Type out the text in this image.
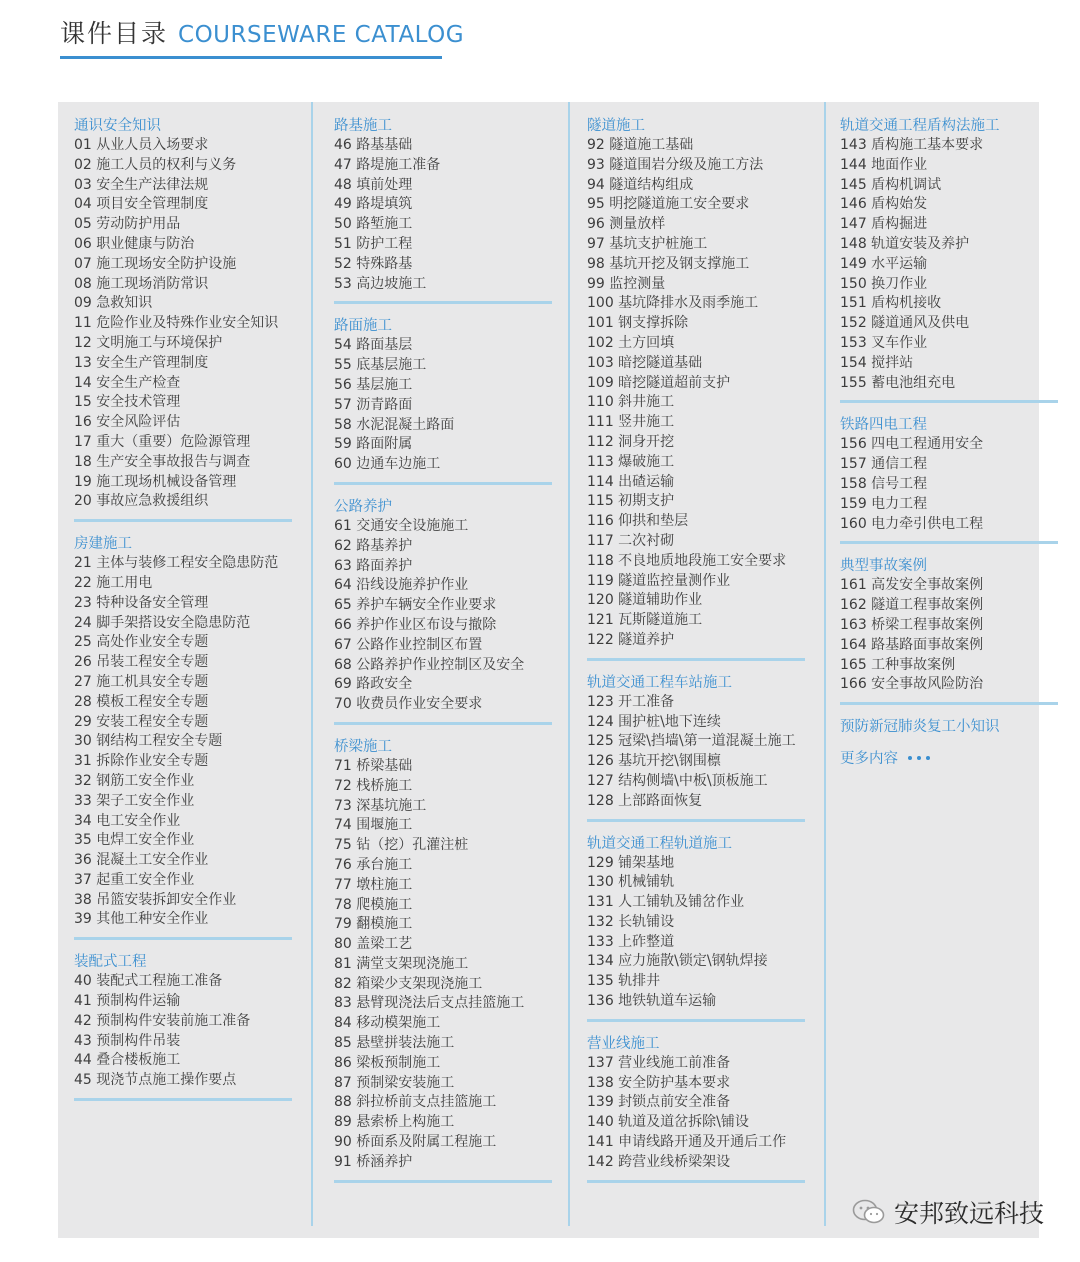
课件目录 COURSEWARE CATALOG
通识安全知识
01 从业人员入场要求
02 施工人员的权利与义务
03 安全生产法律法规
04 项目安全管理制度
05 劳动防护用品
06 职业健康与防治
07 施工现场安全防护设施
08 施工现场消防常识
09 急救知识
11 危险作业及特殊作业安全知识
12 文明施工与环境保护
13 安全生产管理制度
14 安全生产检查
15 安全技术管理
16 安全风险评估
17 重大（重要）危险源管理
18 生产安全事故报告与调查
19 施工现场机械设备管理
20 事故应急救援组织
房建施工
21 主体与装修工程安全隐患防范
22 施工用电
23 特种设备安全管理
24 脚手架搭设安全隐患防范
25 高处作业安全专题
26 吊装工程安全专题
27 施工机具安全专题
28 模板工程安全专题
29 安装工程安全专题
30 钢结构工程安全专题
31 拆除作业安全专题
32 钢筋工安全作业
33 架子工安全作业
34 电工安全作业
35 电焊工安全作业
36 混凝土工安全作业
37 起重工安全作业
38 吊篮安装拆卸安全作业
39 其他工种安全作业
装配式工程
40 装配式工程施工准备
41 预制构件运输
42 预制构件安装前施工准备
43 预制构件吊装
44 叠合楼板施工
45 现浇节点施工操作要点
路基施工
46 路基基础
47 路堤施工准备
48 填前处理
49 路堤填筑
50 路堑施工
51 防护工程
52 特殊路基
53 高边坡施工
路面施工
54 路面基层
55 底基层施工
56 基层施工
57 沥青路面
58 水泥混凝土路面
59 路面附属
60 边通车边施工
公路养护
61 交通安全设施施工
62 路基养护
63 路面养护
64 沿线设施养护作业
65 养护车辆安全作业要求
66 养护作业区布设与撤除
67 公路作业控制区布置
68 公路养护作业控制区及安全
69 路政安全
70 收费员作业安全要求
桥梁施工
71 桥梁基础
72 栈桥施工
73 深基坑施工
74 围堰施工
75 钻（挖）孔灌注桩
76 承台施工
77 墩柱施工
78 爬模施工
79 翻模施工
80 盖梁工艺
81 满堂支架现浇施工
82 箱梁少支架现浇施工
83 悬臂现浇法后支点挂篮施工
84 移动模架施工
85 悬壁拼装法施工
86 梁板预制施工
87 预制梁安装施工
88 斜拉桥前支点挂篮施工
89 悬索桥上构施工
90 桥面系及附属工程施工
91 桥涵养护
隧道施工
92 隧道施工基础
93 隧道围岩分级及施工方法
94 隧道结构组成
95 明挖隧道施工安全要求
96 测量放样
97 基坑支护桩施工
98 基坑开挖及钢支撑施工
99 监控测量
100 基坑降排水及雨季施工
101 钢支撑拆除
102 土方回填
103 暗挖隧道基础
109 暗挖隧道超前支护
110 斜井施工
111 竖井施工
112 洞身开挖
113 爆破施工
114 出碴运输
115 初期支护
116 仰拱和垫层
117 二次衬砌
118 不良地质地段施工安全要求
119 隧道监控量测作业
120 隧道辅助作业
121 瓦斯隧道施工
122 隧道养护
轨道交通工程车站施工
123 开工准备
124 围护桩\地下连续
125 冠梁\挡墙\第一道混凝土施工
126 基坑开挖\钢围檩
127 结构侧墙\中板\顶板施工
128 上部路面恢复
轨道交通工程轨道施工
129 铺架基地
130 机械铺轨
131 人工铺轨及铺岔作业
132 长轨铺设
133 上砟整道
134 应力施散\锁定\钢轨焊接
135 轨排井
136 地铁轨道车运输
营业线施工
137 营业线施工前准备
138 安全防护基本要求
139 封锁点前安全准备
140 轨道及道岔拆除\铺设
141 申请线路开通及开通后工作
142 跨营业线桥梁架设
轨道交通工程盾构法施工
143 盾构施工基本要求
144 地面作业
145 盾构机调试
146 盾构始发
147 盾构掘进
148 轨道安装及养护
149 水平运输
150 换刀作业
151 盾构机接收
152 隧道通风及供电
153 叉车作业
154 搅拌站
155 蓄电池组充电
铁路四电工程
156 四电工程通用安全
157 通信工程
158 信号工程
159 电力工程
160 电力牵引供电工程
典型事故案例
161 高发安全事故案例
162 隧道工程事故案例
163 桥梁工程事故案例
164 路基路面事故案例
165 工种事故案例
166 安全事故风险防治
预防新冠肺炎复工小知识
更多内容
安邦致远科技
